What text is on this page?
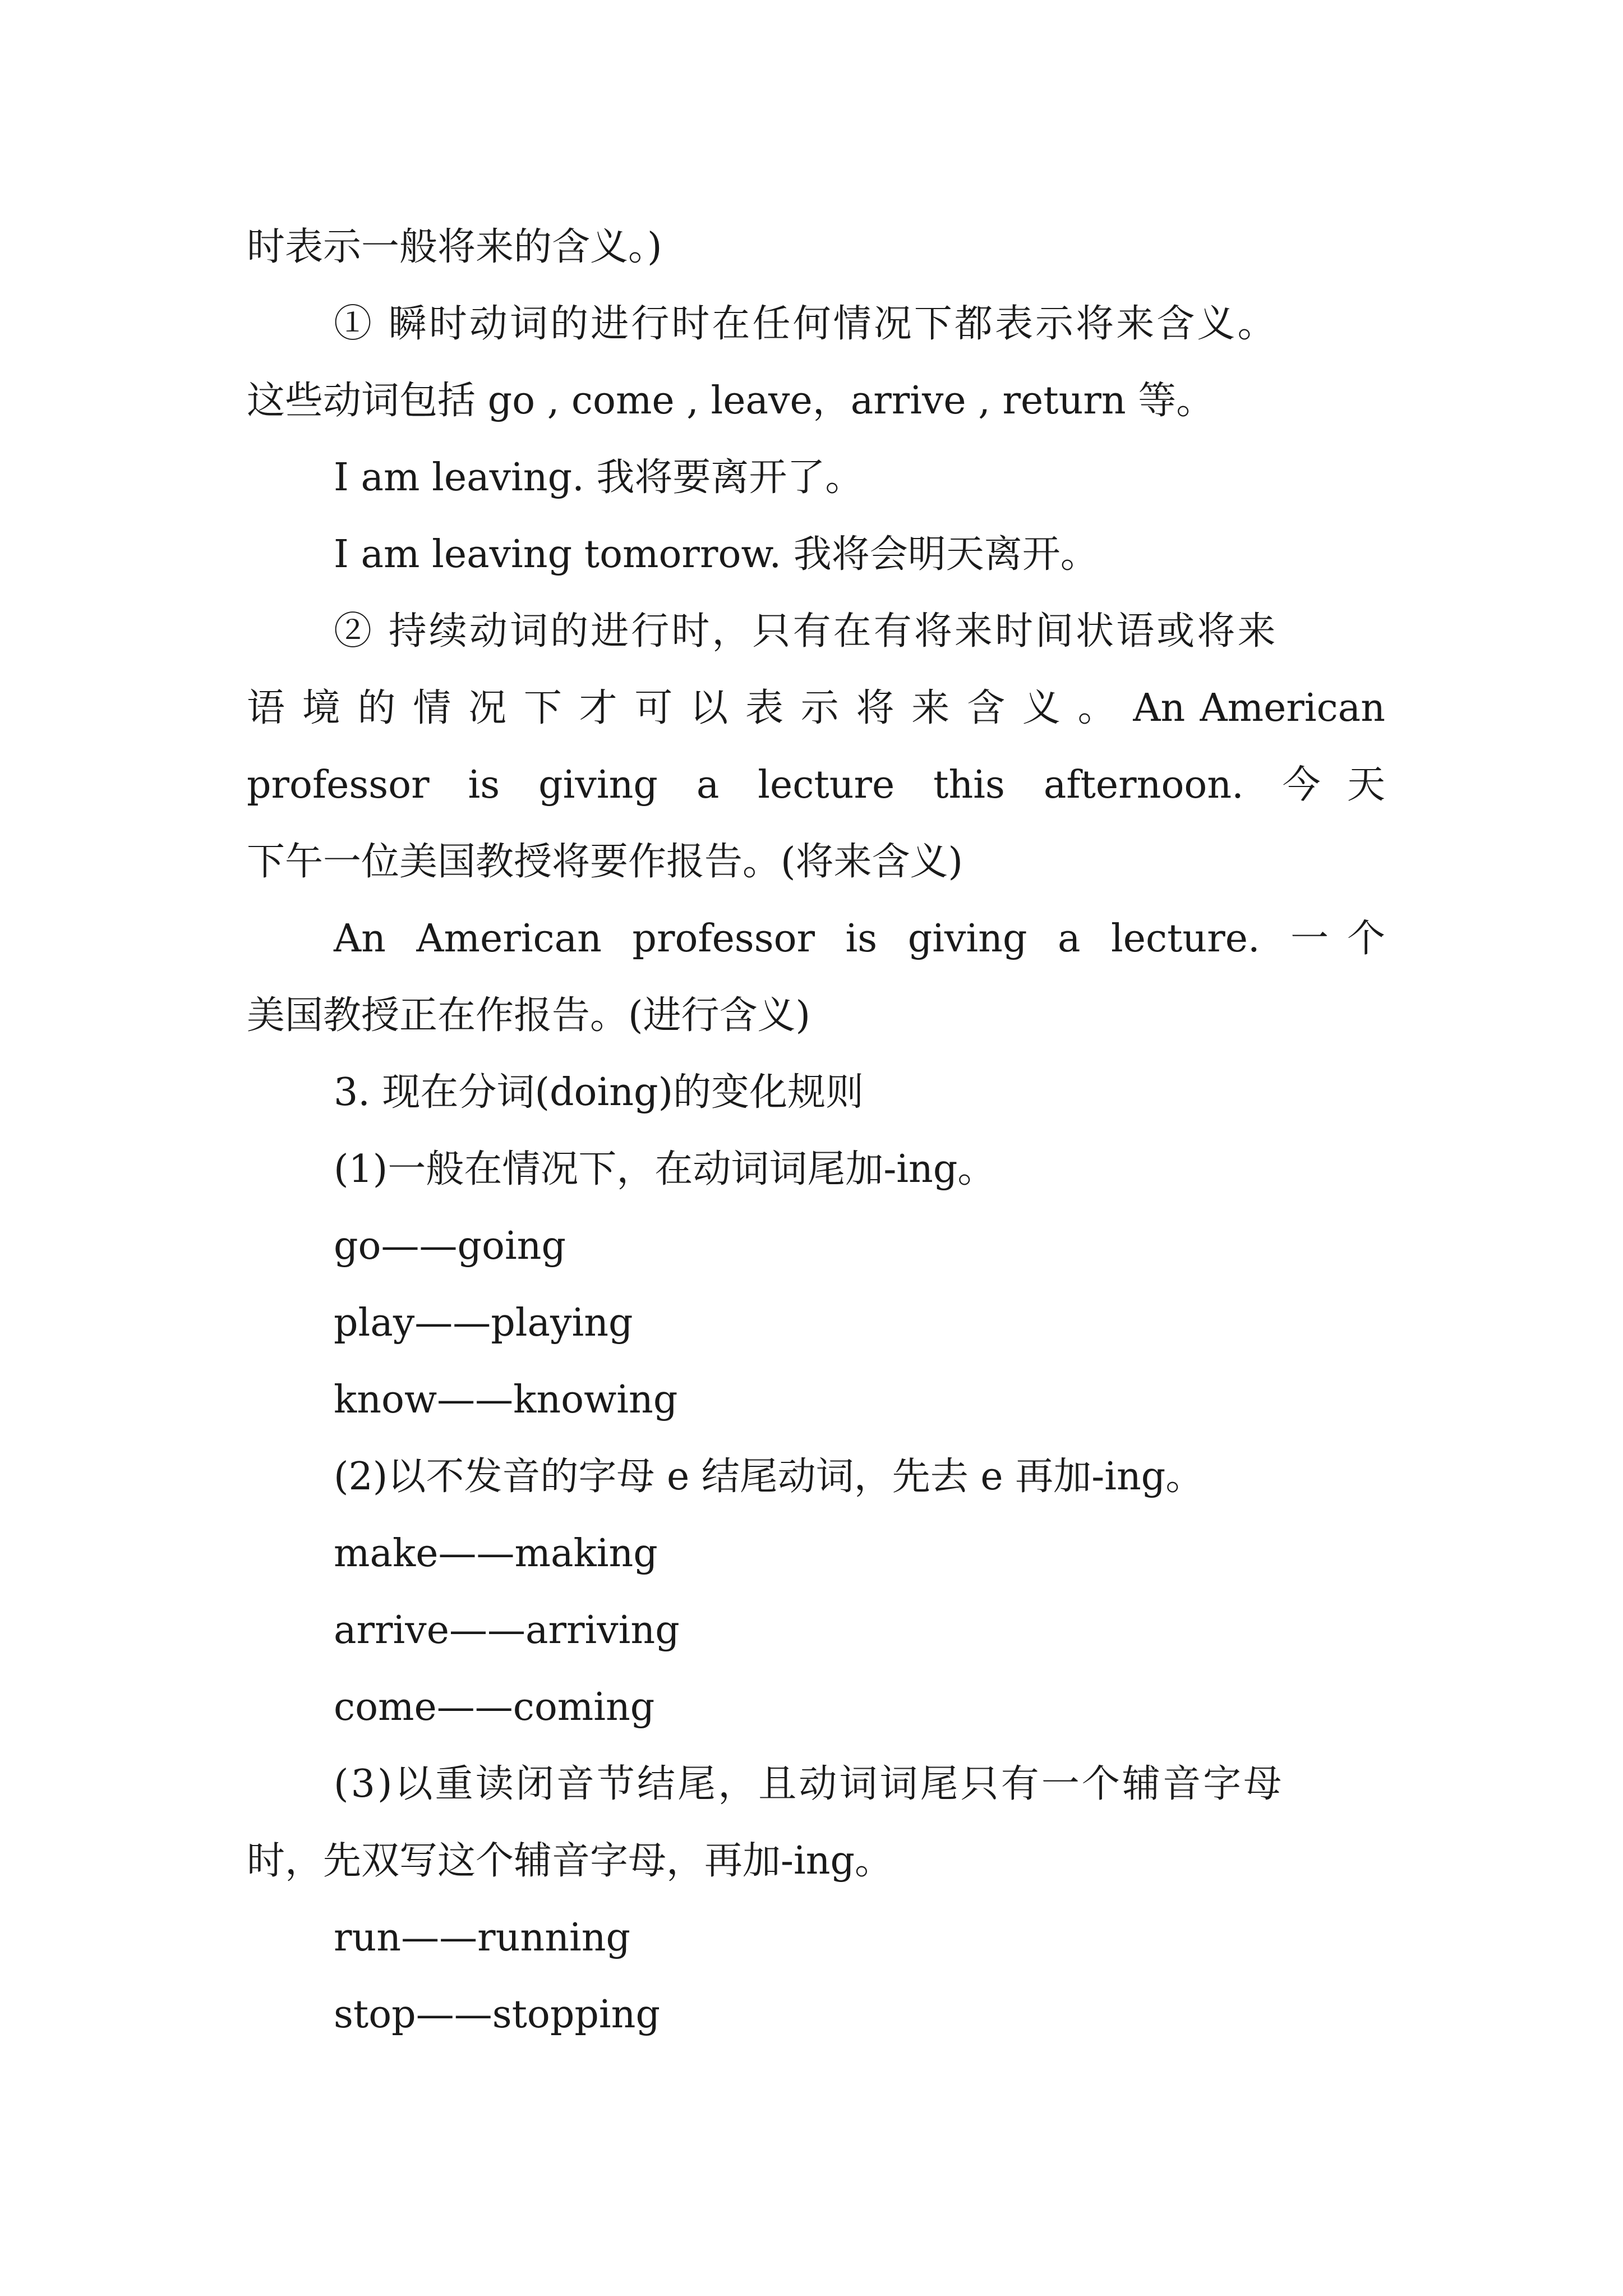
时表示一般将来的含义。)
① 瞬时动词的进行时在任何情况下都表示将来含义。
这些动词包括 go , come , leave，arrive , return 等。
I am leaving. 我将要离开了。
I am leaving tomorrow. 我将会明天离开。
② 持续动词的进行时，只有在有将来时间状语或将来
语 境 的 情 况 下 才 可 以 表 示 将 来 含 义 。 An American
professor is giving a lecture this afternoon. 今天
下午一位美国教授将要作报告。(将来含义)
An American professor is giving a lecture. 一个
美国教授正在作报告。(进行含义)
3. 现在分词(doing)的变化规则
(1)一般在情况下，在动词词尾加-ing。
go——going
play——playing
know——knowing
(2)以不发音的字母 e 结尾动词，先去 e 再加-ing。
make——making
arrive——arriving
come——coming
(3)以重读闭音节结尾，且动词词尾只有一个辅音字母
时，先双写这个辅音字母，再加-ing。
run——running
stop——stopping
